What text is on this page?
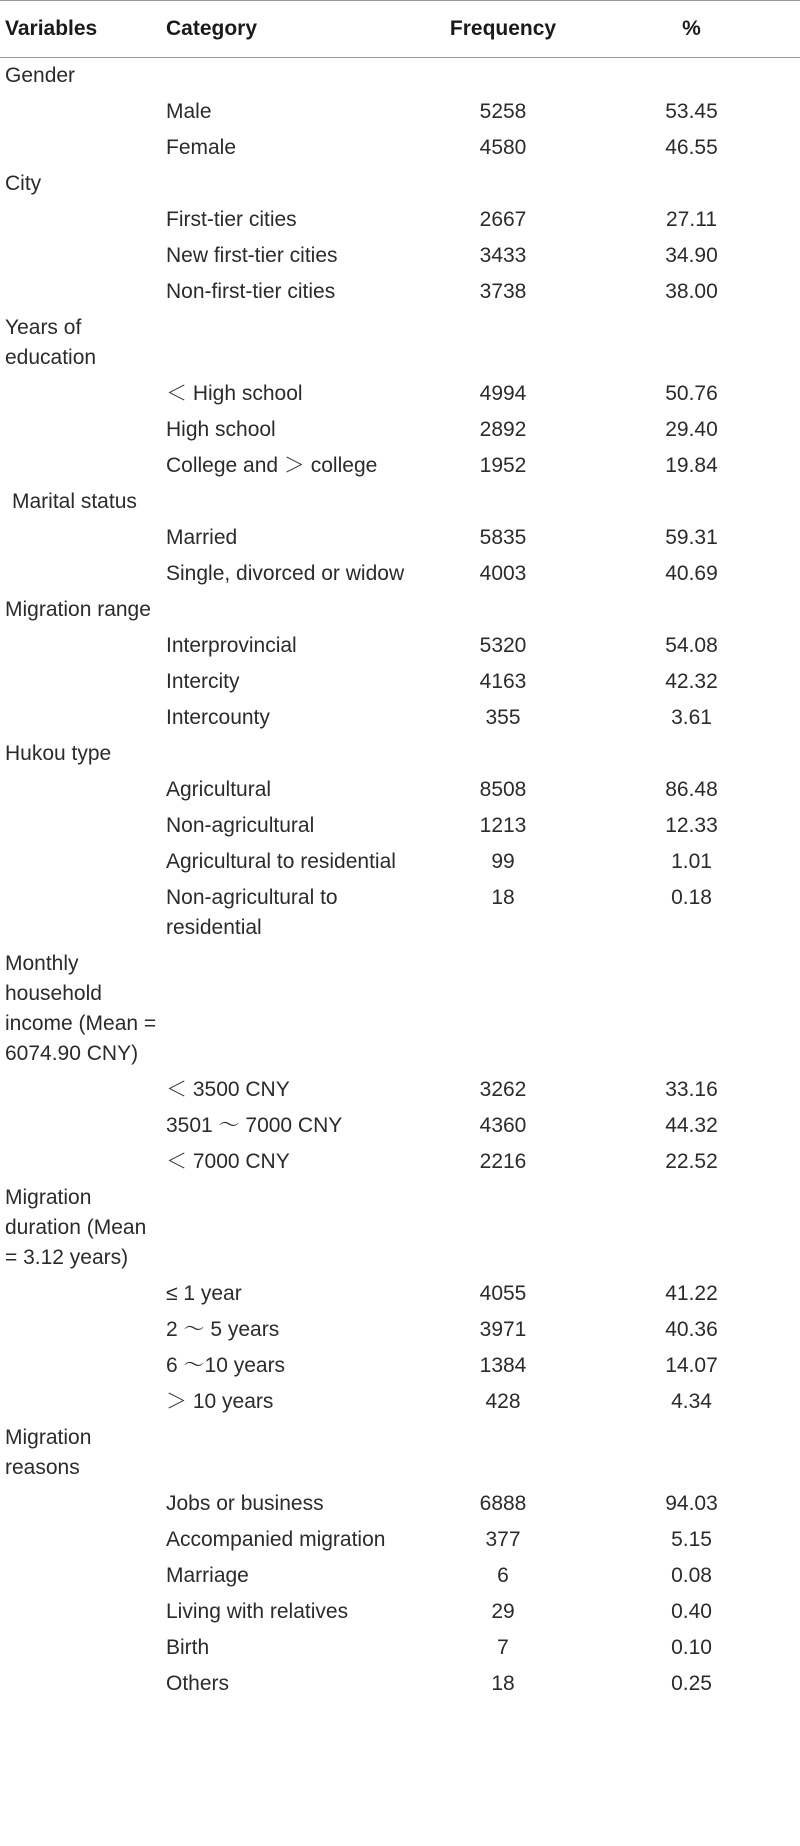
Variables	Category	Frequency	%
Gender			
	Male	5258	53.45
	Female	4580	46.55
City			
	First-tier cities	2667	27.11
	New first-tier cities	3433	34.90
	Non-first-tier cities	3738	38.00
Years of education			
	＜ High school	4994	50.76
	High school	2892	29.40
	College and ＞ college	1952	19.84
Marital status			
	Married	5835	59.31
	Single, divorced or widow	4003	40.69
Migration range			
	Interprovincial	5320	54.08
	Intercity	4163	42.32
	Intercounty	355	3.61
Hukou type			
	Agricultural	8508	86.48
	Non-agricultural	1213	12.33
	Agricultural to residential	99	1.01
	Non-agricultural to residential	18	0.18
Monthly household income (Mean = 6074.90 CNY)			
	＜ 3500 CNY	3262	33.16
	3501 ～ 7000 CNY	4360	44.32
	＜ 7000 CNY	2216	22.52
Migration duration (Mean = 3.12 years)			
	≤ 1 year	4055	41.22
	2 ～ 5 years	3971	40.36
	6 ～10 years	1384	14.07
	＞ 10 years	428	4.34
Migration reasons			
	Jobs or business	6888	94.03
	Accompanied migration	377	5.15
	Marriage	6	0.08
	Living with relatives	29	0.40
	Birth	7	0.10
	Others	18	0.25
